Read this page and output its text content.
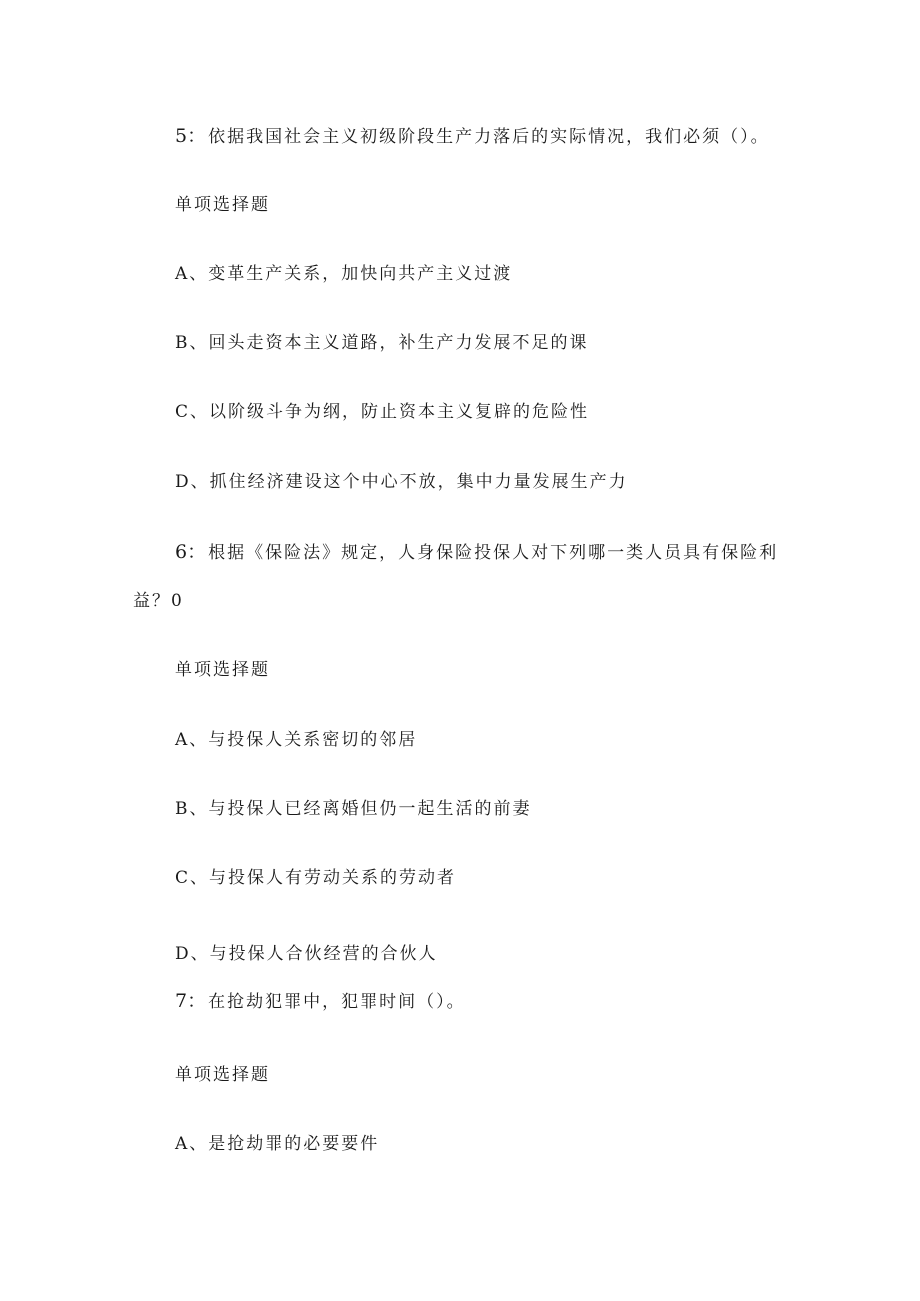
5： 依据我国社会主义初级阶段生产力落后的实际情况，我们必须（）。
单项选择题
A、变革生产关系，加快向共产主义过渡
B、回头走资本主义道路，补生产力发展不足的课
C、以阶级斗争为纲，防止资本主义复辟的危险性
D、抓住经济建设这个中心不放，集中力量发展生产力
6： 根据《保险法》规定，人身保险投保人对下列哪一类人员具有保险利
益？0
单项选择题
A、与投保人关系密切的邻居
B、与投保人已经离婚但仍一起生活的前妻
C、与投保人有劳动关系的劳动者
D、与投保人合伙经营的合伙人
7： 在抢劫犯罪中，犯罪时间（）。
单项选择题
A、是抢劫罪的必要要件
